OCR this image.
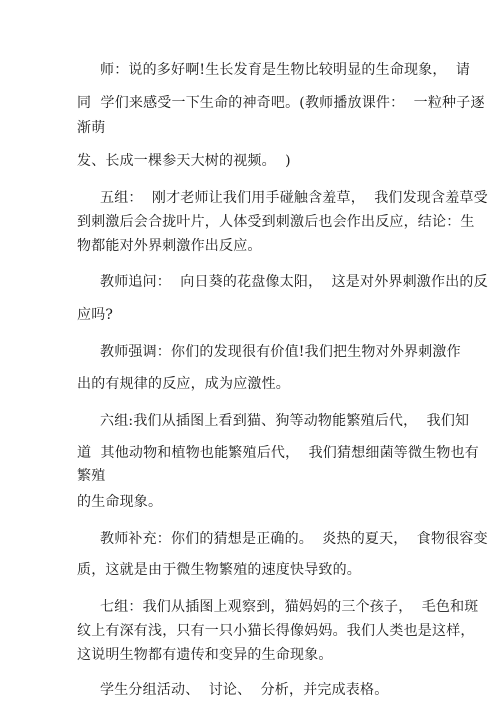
师：说的多好啊!生长发育是生物比较明显的生命现象，  请
同  学们来感受一下生命的神奇吧。(教师播放课件：  一粒种子逐
渐萌
发、长成一棵参天大树的视频。  )
五组：  刚才老师让我们用手碰触含羞草，  我们发现含羞草受
到刺激后会合拢叶片，人体受到刺激后也会作出反应，结论：生
物都能对外界刺激作出反应。
教师追问：  向日葵的花盘像太阳，  这是对外界刺激作出的反
应吗?
教师强调：你们的发现很有价值!我们把生物对外界刺激作
出的有规律的反应，成为应激性。
六组:我们从插图上看到猫、狗等动物能繁殖后代，  我们知
道  其他动物和植物也能繁殖后代，  我们猜想细菌等微生物也有
繁殖
的生命现象。
教师补充：你们的猜想是正确的。  炎热的夏天，  食物很容变
质，这就是由于微生物繁殖的速度快导致的。
七组：我们从插图上观察到，猫妈妈的三个孩子，  毛色和斑
纹上有深有浅，只有一只小猫长得像妈妈。我们人类也是这样，
这说明生物都有遗传和变异的生命现象。
学生分组活动、  讨论、  分析，并完成表格。
